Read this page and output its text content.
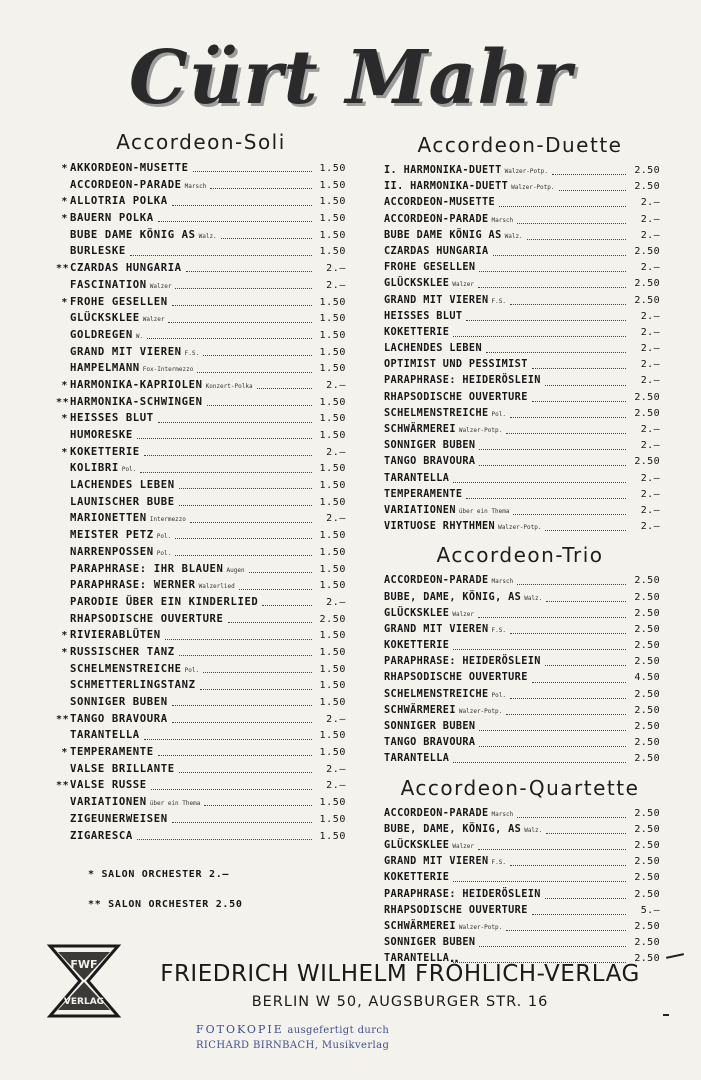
Cürt Mahr
Accordeon-Soli
* AKKORDEON-MUSETTE	1.50
ACCORDEON-PARADE Marsch	1.50
* ALLOTRIA POLKA	1.50
* BAUERN POLKA	1.50
BUBE DAME KÖNIG AS Walz.	1.50
BURLESKE	1.50
** CZARDAS HUNGARIA	2.—
FASCINATION Walzer	2.—
* FROHE GESELLEN	1.50
GLÜCKSKLEE Walzer	1.50
GOLDREGEN W.	1.50
GRAND MIT VIEREN F.S.	1.50
HAMPELMANN Fox-Intermezzo	1.50
* HARMONIKA-KAPRIOLEN Konzert-Polka	2.—
** HARMONIKA-SCHWINGEN	1.50
* HEISSES BLUT	1.50
HUMORESKE	1.50
* KOKETTERIE	2.—
KOLIBRI Pol.	1.50
LACHENDES LEBEN	1.50
LAUNISCHER BUBE	1.50
MARIONETTEN Intermezzo	2.—
MEISTER PETZ Pol.	1.50
NARRENPOSSEN Pol.	1.50
PARAPHRASE: IHR BLAUEN Augen	1.50
PARAPHRASE: WERNER Walzerlied	1.50
PARODIE ÜBER EIN KINDERLIED	2.—
RHAPSODISCHE OUVERTURE	2.50
* RIVIERABLÜTEN	1.50
* RUSSISCHER TANZ	1.50
SCHELMENSTREICHE Pol.	1.50
SCHMETTERLINGSTANZ	1.50
SONNIGER BUBEN	1.50
** TANGO BRAVOURA	2.—
TARANTELLA	1.50
* TEMPERAMENTE	1.50
VALSE BRILLANTE	2.—
** VALSE RUSSE	2.—
VARIATIONEN über ein Thema	1.50
ZIGEUNERWEISEN	1.50
ZIGARESCA	1.50
Accordeon-Duette
I. HARMONIKA-DUETT Walzer-Potp.	2.50
II. HARMONIKA-DUETT Walzer-Potp.	2.50
ACCORDEON-MUSETTE	2.—
ACCORDEON-PARADE Marsch	2.—
BUBE DAME KÖNIG AS Walz.	2.—
CZARDAS HUNGARIA	2.50
FROHE GESELLEN	2.—
GLÜCKSKLEE Walzer	2.50
GRAND MIT VIEREN F.S.	2.50
HEISSES BLUT	2.—
KOKETTERIE	2.—
LACHENDES LEBEN	2.—
OPTIMIST UND PESSIMIST	2.—
PARAPHRASE: HEIDERÖSLEIN	2.—
RHAPSODISCHE OUVERTURE	2.50
SCHELMENSTREICHE Pol.	2.50
SCHWÄRMEREI Walzer-Potp.	2.—
SONNIGER BUBEN	2.—
TANGO BRAVOURA	2.50
TARANTELLA	2.—
TEMPERAMENTE	2.—
VARIATIONEN über ein Thema	2.—
VIRTUOSE RHYTHMEN Walzer-Potp.	2.—
Accordeon-Trio
ACCORDEON-PARADE Marsch	2.50
BUBE, DAME, KÖNIG, AS Walz.	2.50
GLÜCKSKLEE Walzer	2.50
GRAND MIT VIEREN F.S.	2.50
KOKETTERIE	2.50
PARAPHRASE: HEIDERÖSLEIN	2.50
RHAPSODISCHE OUVERTURE	4.50
SCHELMENSTREICHE Pol.	2.50
SCHWÄRMEREI Walzer-Potp.	2.50
SONNIGER BUBEN	2.50
TANGO BRAVOURA	2.50
TARANTELLA	2.50
Accordeon-Quartette
ACCORDEON-PARADE Marsch	2.50
BUBE, DAME, KÖNIG, AS Walz.	2.50
GLÜCKSKLEE Walzer	2.50
GRAND MIT VIEREN F.S.	2.50
KOKETTERIE	2.50
PARAPHRASE: HEIDERÖSLEIN	2.50
RHAPSODISCHE OUVERTURE	5.—
SCHWÄRMEREI Walzer-Potp.	2.50
SONNIGER BUBEN	2.50
TARANTELLA	2.50
* SALON ORCHESTER 2.—
** SALON ORCHESTER 2.50
FWF
VERLAG
FRIEDRICH WILHELM FRÖHLICH-VERLAG
BERLIN W 50, AUGSBURGER STR. 16
FOTOKOPIE ausgefertigt durch
RICHARD BIRNBACH, Musikverlag
